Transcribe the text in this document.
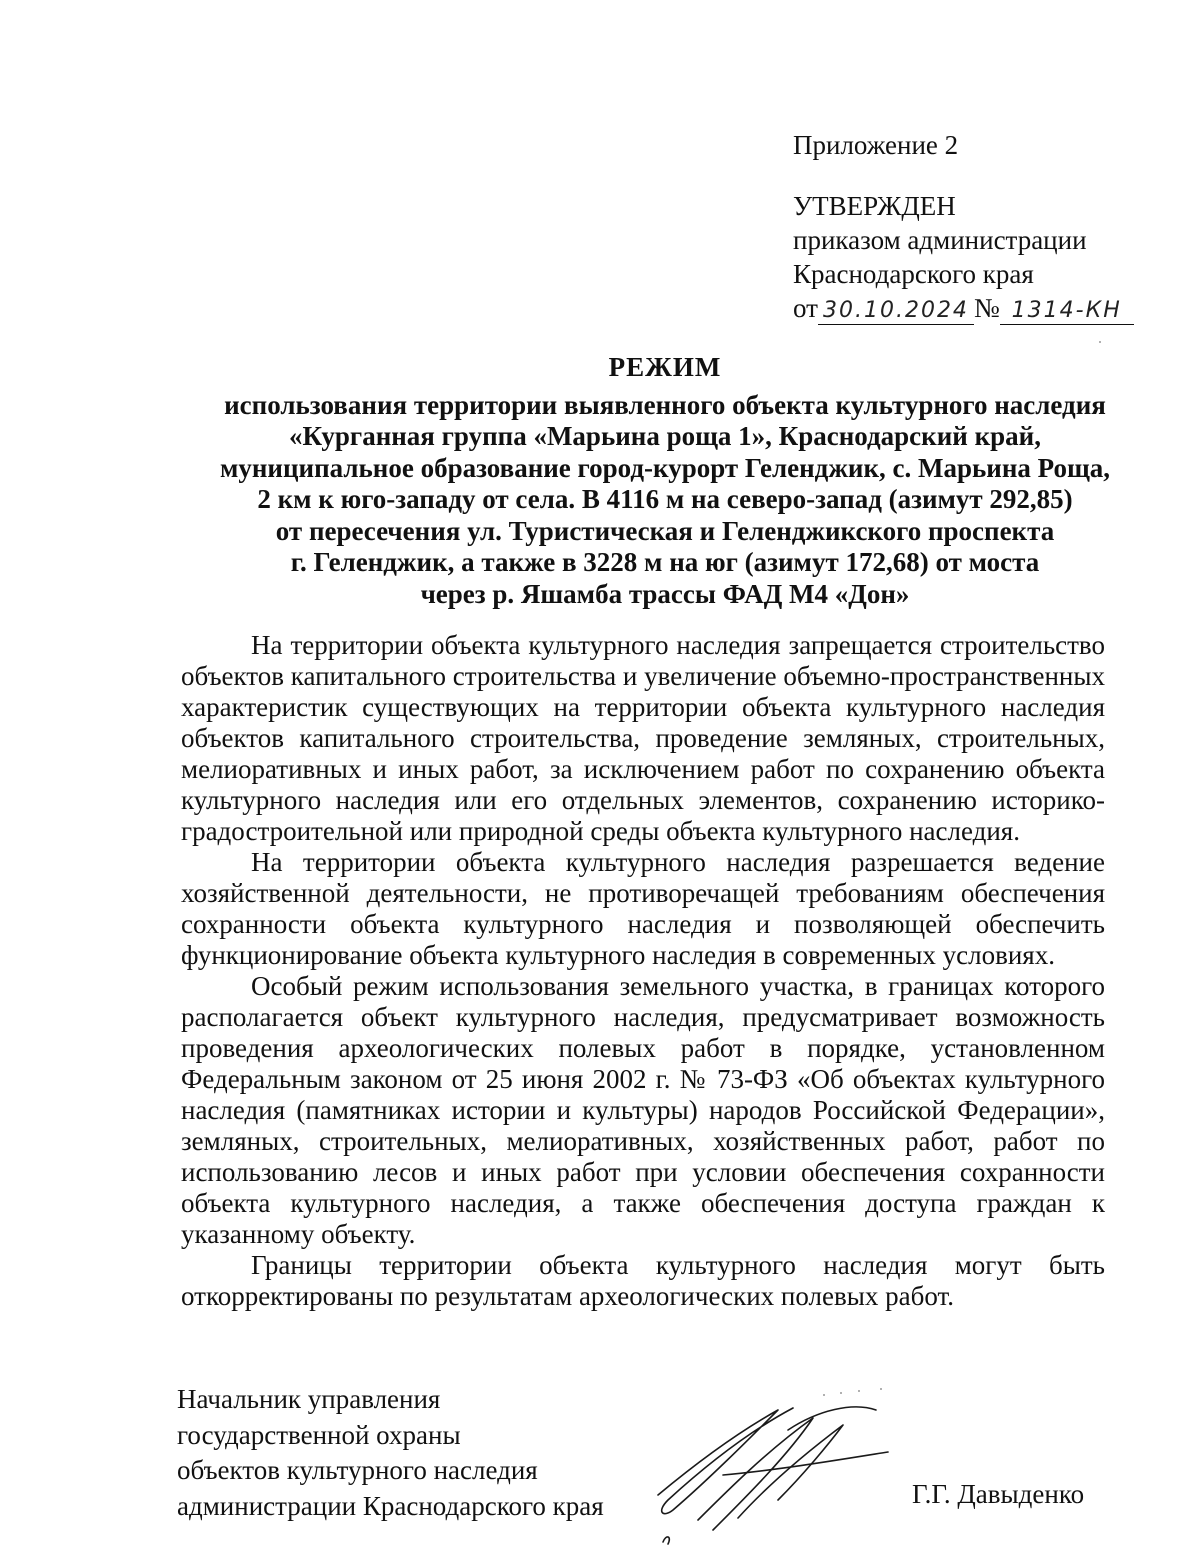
Приложение 2
УТВЕРЖДЕН
приказом администрации
Краснодарского края
от 30.10.2024 № 1314-КН
РЕЖИМ
использования территории выявленного объекта культурного наследия
«Курганная группа «Марьина роща 1», Краснодарский край,
муниципальное образование город-курорт Геленджик, с. Марьина Роща,
2 км к юго-западу от села. В 4116 м на северо-запад (азимут 292,85)
от пересечения ул. Туристическая и Геленджикского проспекта
г. Геленджик, а также в 3228 м на юг (азимут 172,68) от моста
через р. Яшамба трассы ФАД М4 «Дон»

На территории объекта культурного наследия запрещается строительство объектов капитального строительства и увеличение объемно-пространственных характеристик существующих на территории объекта культурного наследия объектов капитального строительства, проведение земляных, строительных, мелиоративных и иных работ, за исключением работ по сохранению объекта культурного наследия или его отдельных элементов, сохранению историко-градостроительной или природной среды объекта культурного наследия.

На территории объекта культурного наследия разрешается ведение хозяйственной деятельности, не противоречащей требованиям обеспечения сохранности объекта культурного наследия и позволяющей обеспечить функционирование объекта культурного наследия в современных условиях.

Особый режим использования земельного участка, в границах которого располагается объект культурного наследия, предусматривает возможность проведения археологических полевых работ в порядке, установленном Федеральным законом от 25 июня 2002 г. № 73-ФЗ «Об объектах культурного наследия (памятниках истории и культуры) народов Российской Федерации», земляных, строительных, мелиоративных, хозяйственных работ, работ по использованию лесов и иных работ при условии обеспечения сохранности объекта культурного наследия, а также обеспечения доступа граждан к указанному объекту.

Границы территории объекта культурного наследия могут быть откорректированы по результатам археологических полевых работ.

Начальник управления
государственной охраны
объектов культурного наследия
администрации Краснодарского края	Г.Г. Давыденко
